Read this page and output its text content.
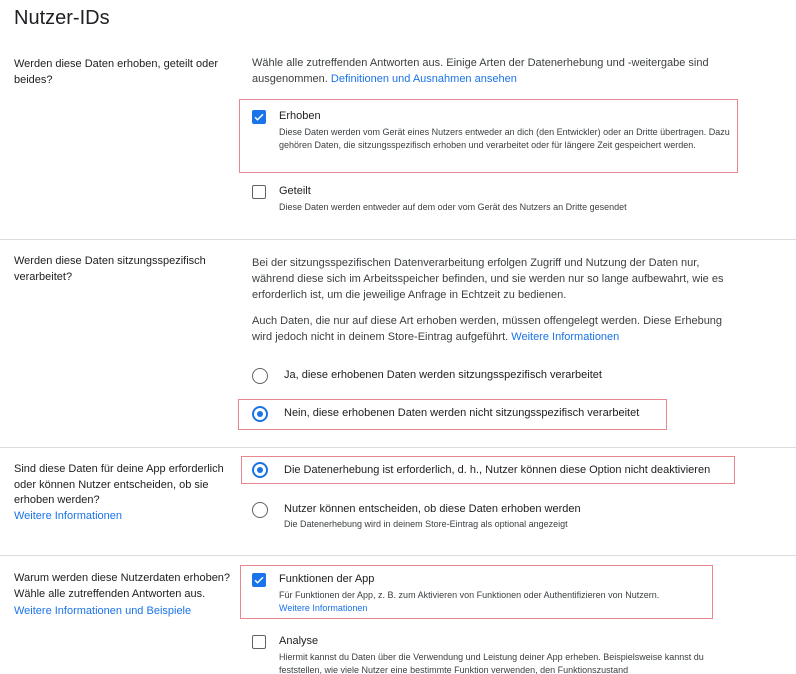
Nutzer-IDs
Werden diese Daten erhoben, geteilt oder beides?
Wähle alle zutreffenden Antworten aus. Einige Arten der Datenerhebung und -weitergabe sind ausgenommen. Definitionen und Ausnahmen ansehen
Erhoben
Diese Daten werden vom Gerät eines Nutzers entweder an dich (den Entwickler) oder an Dritte übertragen. Dazu gehören Daten, die sitzungsspezifisch erhoben und verarbeitet oder für längere Zeit gespeichert werden.
Geteilt
Diese Daten werden entweder auf dem oder vom Gerät des Nutzers an Dritte gesendet
Werden diese Daten sitzungsspezifisch verarbeitet?
Bei der sitzungsspezifischen Datenverarbeitung erfolgen Zugriff und Nutzung der Daten nur, während diese sich im Arbeitsspeicher befinden, und sie werden nur so lange aufbewahrt, wie es erforderlich ist, um die jeweilige Anfrage in Echtzeit zu bedienen.
Auch Daten, die nur auf diese Art erhoben werden, müssen offengelegt werden. Diese Erhebung wird jedoch nicht in deinem Store-Eintrag aufgeführt. Weitere Informationen
Ja, diese erhobenen Daten werden sitzungsspezifisch verarbeitet
Nein, diese erhobenen Daten werden nicht sitzungsspezifisch verarbeitet
Sind diese Daten für deine App erforderlich oder können Nutzer entscheiden, ob sie erhoben werden?
Weitere Informationen
Die Datenerhebung ist erforderlich, d. h., Nutzer können diese Option nicht deaktivieren
Nutzer können entscheiden, ob diese Daten erhoben werden
Die Datenerhebung wird in deinem Store-Eintrag als optional angezeigt
Warum werden diese Nutzerdaten erhoben? Wähle alle zutreffenden Antworten aus.
Weitere Informationen und Beispiele
Funktionen der App
Für Funktionen der App, z. B. zum Aktivieren von Funktionen oder Authentifizieren von Nutzern.
Weitere Informationen
Analyse
Hiermit kannst du Daten über die Verwendung und Leistung deiner App erheben. Beispielsweise kannst du feststellen, wie viele Nutzer eine bestimmte Funktion verwenden, den Funktionszustand
